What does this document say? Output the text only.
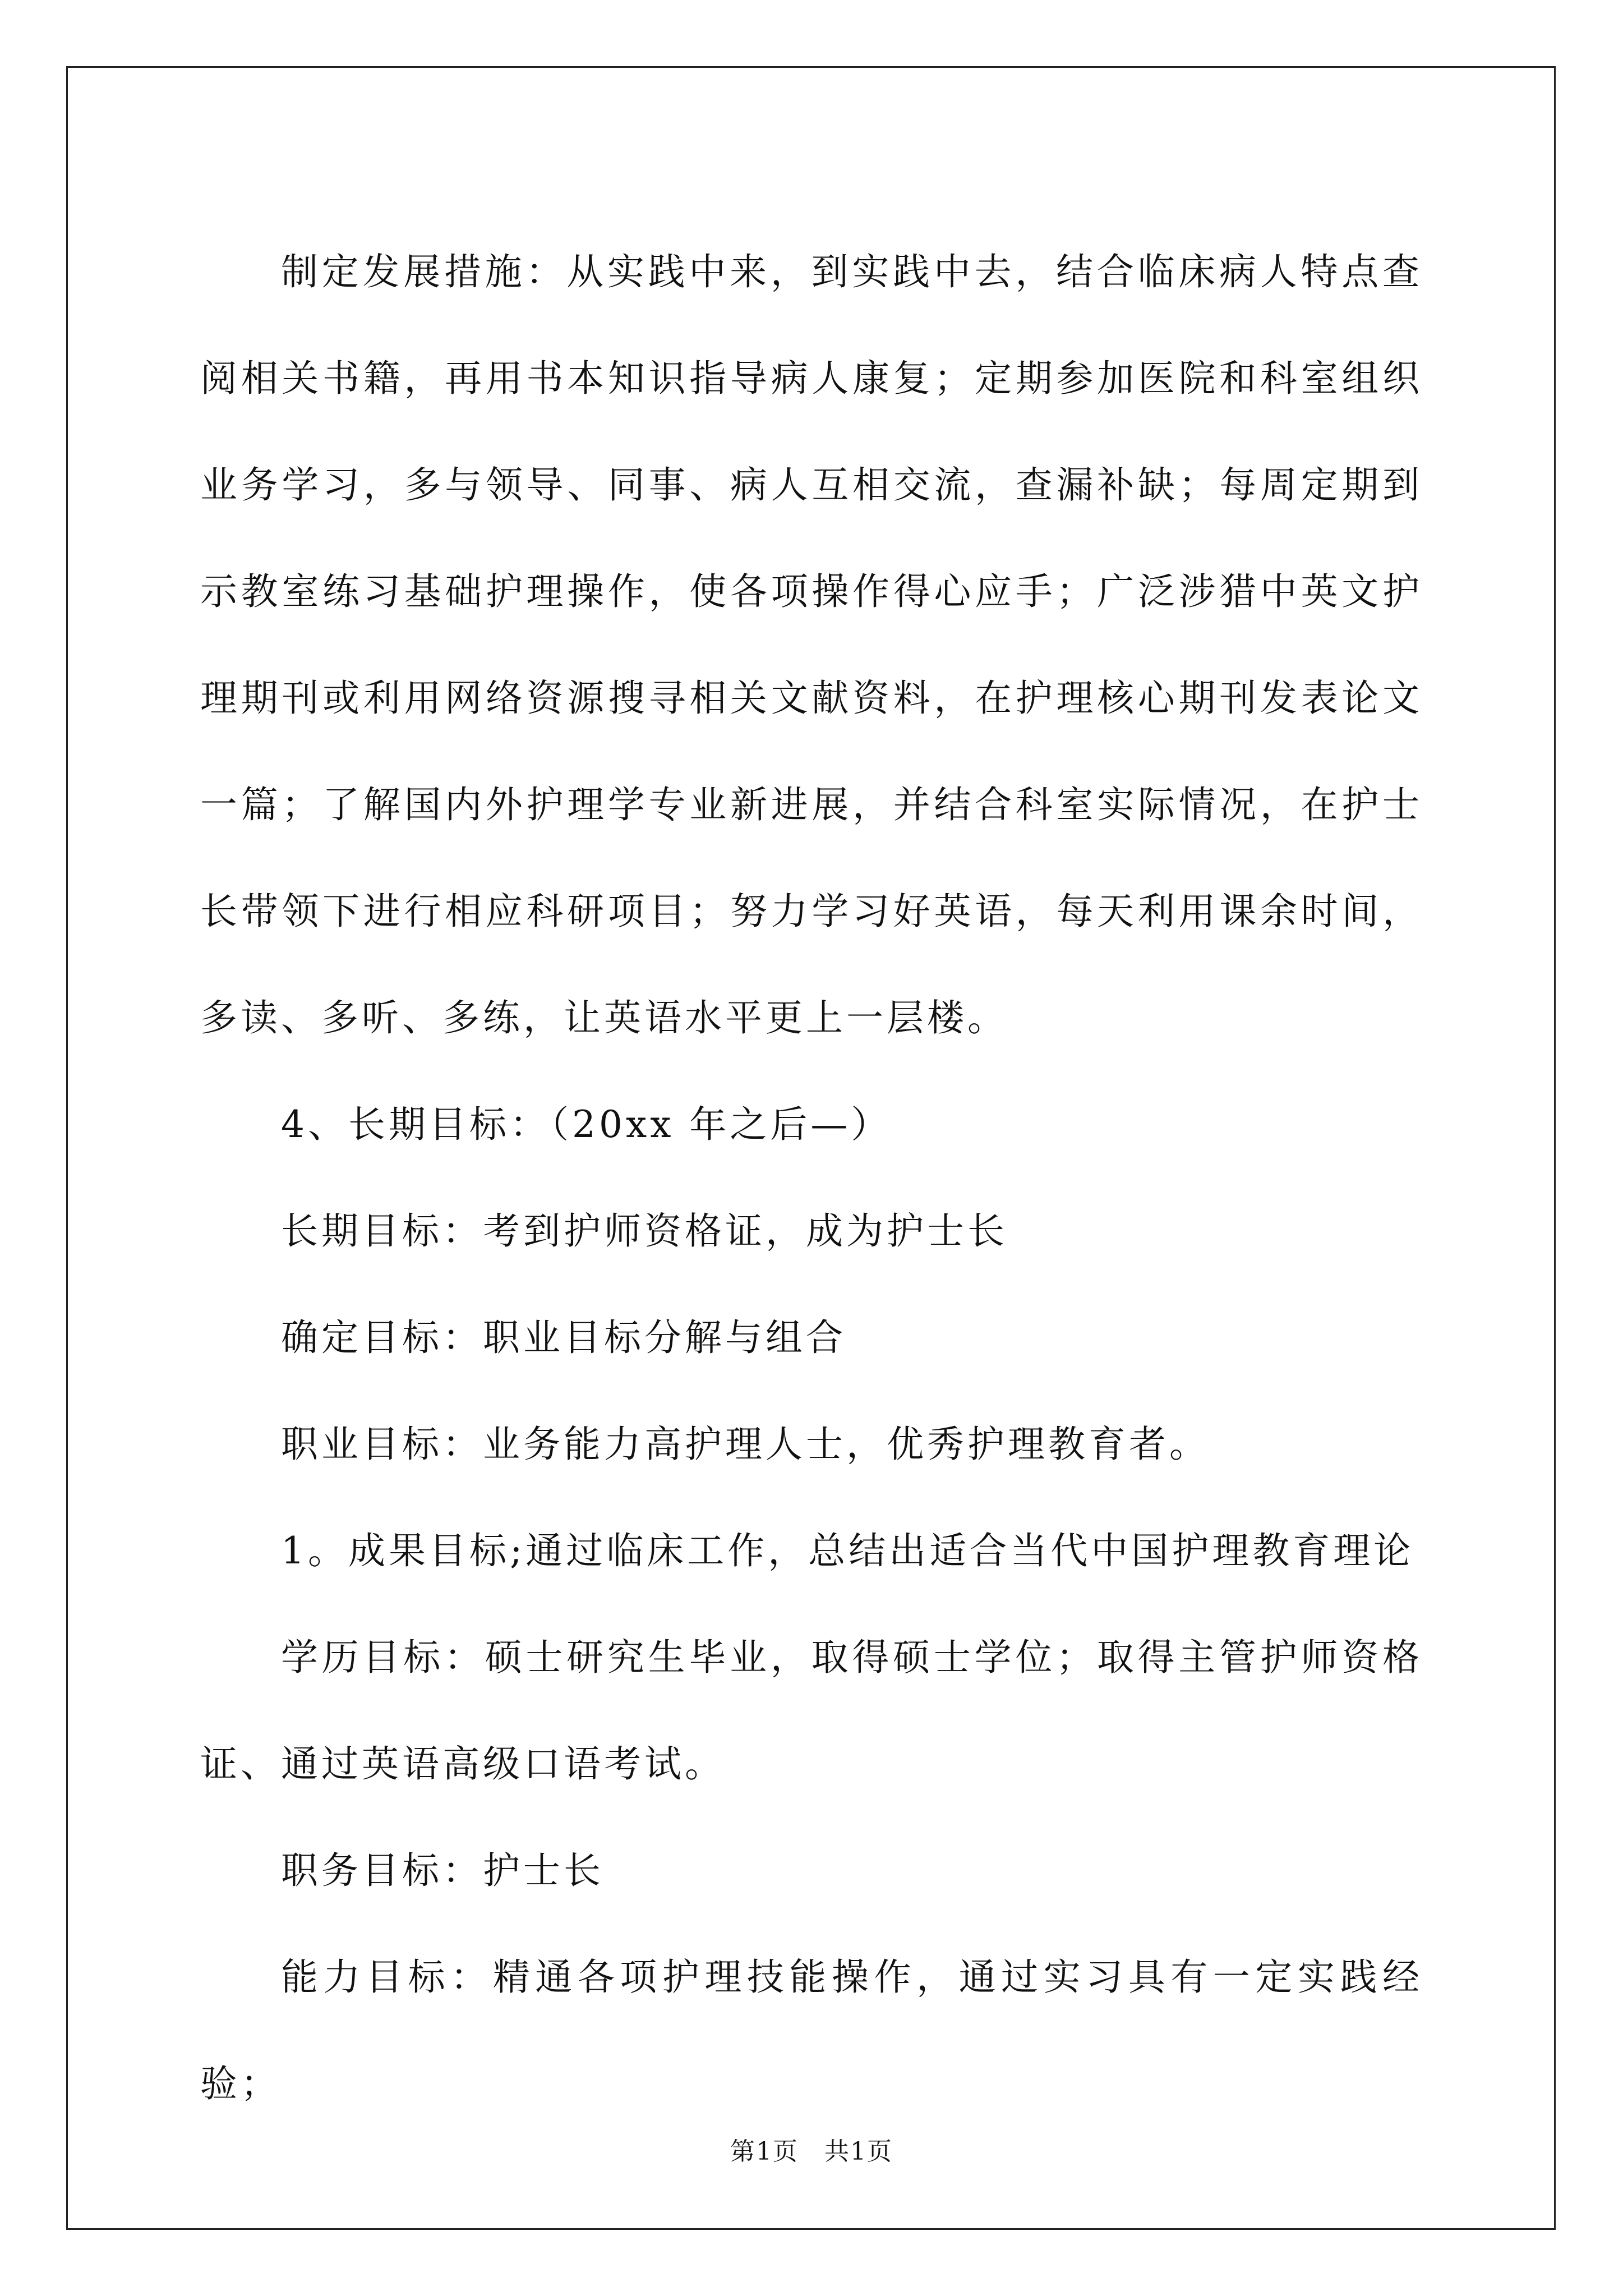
制定发展措施：从实践中来，到实践中去，结合临床病人特点查阅相关书籍，再用书本知识指导病人康复；定期参加医院和科室组织业务学习，多与领导、同事、病人互相交流，查漏补缺；每周定期到示教室练习基础护理操作，使各项操作得心应手；广泛涉猎中英文护理期刊或利用网络资源搜寻相关文献资料，在护理核心期刊发表论文一篇；了解国内外护理学专业新进展，并结合科室实际情况，在护士长带领下进行相应科研项目；努力学习好英语，每天利用课余时间，多读、多听、多练，让英语水平更上一层楼。

4、长期目标：（20xx 年之后—）

长期目标：考到护师资格证，成为护士长

确定目标：职业目标分解与组合

职业目标：业务能力高护理人士，优秀护理教育者。

1。成果目标;通过临床工作，总结出适合当代中国护理教育理论

学历目标：硕士研究生毕业，取得硕士学位；取得主管护师资格证、通过英语高级口语考试。

职务目标：护士长

能力目标：精通各项护理技能操作，通过实习具有一定实践经验；

第1页 共1页
